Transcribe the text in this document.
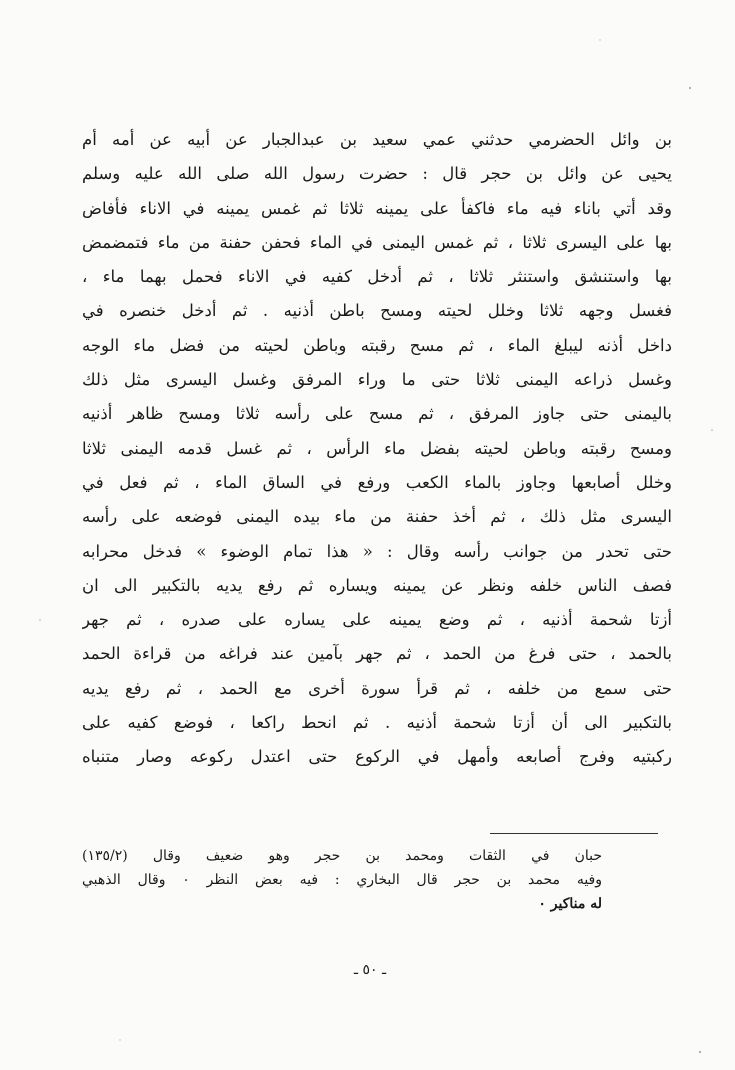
بن وائل الحضرمي حدثني عمي سعيد بن عبدالجبار عن أبيه عن أمه أم
يحيى عن وائل بن حجر قال : حضرت رسول الله صلى الله عليه وسلم
وقد أتي باناء فيه ماء فاكفأ على يمينه ثلاثا ثم غمس يمينه في الاناء فأفاض
بها على اليسرى ثلاثا ، ثم غمس اليمنى في الماء فحفن حفنة من ماء فتمضمض
بها واستنشق واستنثر ثلاثا ، ثم أدخل كفيه في الاناء فحمل بهما ماء ،
فغسل وجهه ثلاثا وخلل لحيته ومسح باطن أذنيه . ثم أدخل خنصره في
داخل أذنه ليبلغ الماء ، ثم مسح رقبته وباطن لحيته من فضل ماء الوجه
وغسل ذراعه اليمنى ثلاثا حتى ما وراء المرفق وغسل اليسرى مثل ذلك
باليمنى حتى جاوز المرفق ، ثم مسح على رأسه ثلاثا ومسح ظاهر أذنيه
ومسح رقبته وباطن لحيته بفضل ماء الرأس ، ثم غسل قدمه اليمنى ثلاثا
وخلل أصابعها وجاوز بالماء الكعب ورفع في الساق الماء ، ثم فعل في
اليسرى مثل ذلك ، ثم أخذ حفنة من ماء بيده اليمنى فوضعه على رأسه
حتى تحدر من جوانب رأسه وقال : « هذا تمام الوضوء » فدخل محرابه
فصف الناس خلفه ونظر عن يمينه ويساره ثم رفع يديه بالتكبير الى ان
أزتا شحمة أذنيه ، ثم وضع يمينه على يساره على صدره ، ثم جهر
بالحمد ، حتى فرغ من الحمد ، ثم جهر بآمين عند فراغه من قراءة الحمد
حتى سمع من خلفه ، ثم قرأ سورة أخرى مع الحمد ، ثم رفع يديه
بالتكبير الى أن أزتا شحمة أذنيه . ثم انحط راكعا ، فوضع كفيه على
ركبتيه وفرج أصابعه وأمهل في الركوع حتى اعتدل ركوعه وصار متنباه
حبان في الثقات ومحمد بن حجر وهو ضعيف وقال (١٣٥/٢)
وفيه محمد بن حجر قال البخاري : فيه بعض النظر ٠ وقال الذهبي
له مناكير ٠
ـ ٥٠ ـ
